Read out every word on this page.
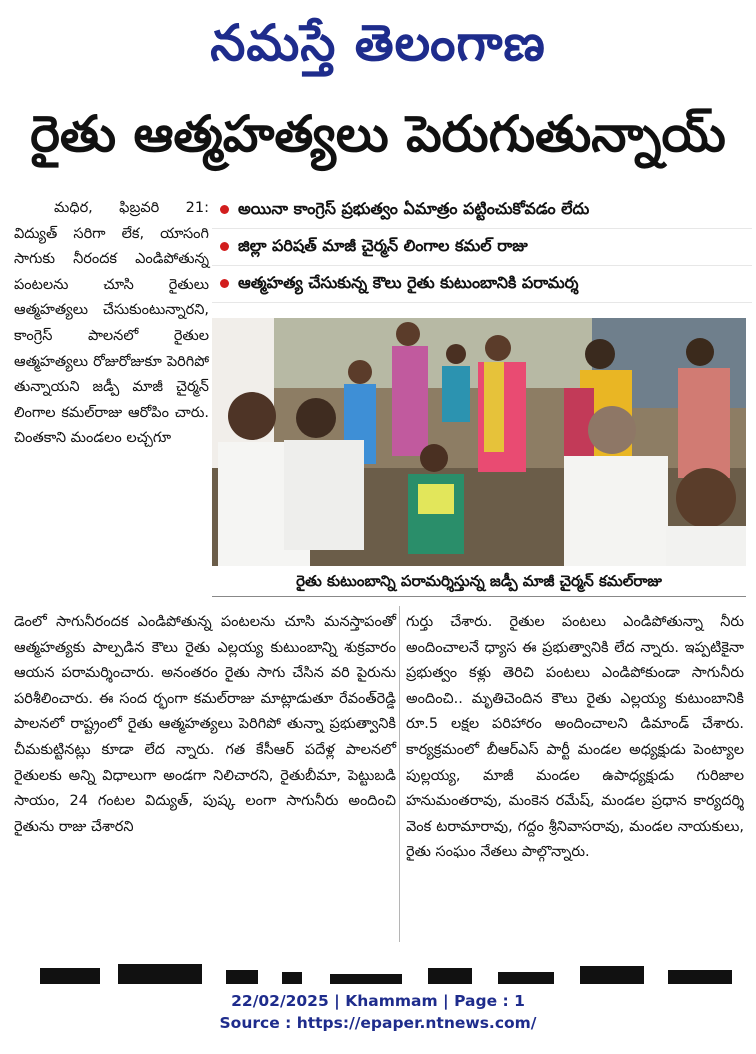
నమస్తే తెలంగాణ
రైతు ఆత్మహత్యలు పెరుగుతున్నాయ్

మధిర, ఫిబ్రవరి 21: విద్యుత్ సరిగా లేక, యాసంగి సాగుకు నీరందక ఎండిపోతున్న పంటలను చూసి రైతులు ఆత్మహత్యలు చేసుకుంటున్నారని, కాంగ్రెస్ పాలనలో రైతుల ఆత్మహత్యలు రోజురోజుకూ పెరిగిపో తున్నాయని జడ్పీ మాజీ చైర్మన్ లింగాల కమల్‌రాజు ఆరోపిం చారు. చింతకాని మండలం లచ్చగూ

అయినా కాంగ్రెస్ ప్రభుత్వం ఏమాత్రం పట్టించుకోవడం లేదు
జిల్లా పరిషత్ మాజీ చైర్మన్ లింగాల కమల్ రాజు
ఆత్మహత్య చేసుకున్న కౌలు రైతు కుటుంబానికి పరామర్శ
రైతు కుటుంబాన్ని పరామర్శిస్తున్న జడ్పీ మాజీ చైర్మన్ కమల్‌రాజు

డెంలో సాగునీరందక ఎండిపోతున్న పంటలను చూసి మనస్తాపంతో ఆత్మహత్యకు పాల్పడిన కౌలు రైతు ఎల్లయ్య కుటుంబాన్ని శుక్రవారం ఆయన పరామర్శించారు. అనంతరం రైతు సాగు చేసిన వరి పైరును పరిశీలించారు. ఈ సంద ర్భంగా కమల్‌రాజు మాట్లాడుతూ రేవంత్‌రెడ్డి పాలనలో రాష్ట్రంలో రైతు ఆత్మహత్యలు పెరిగిపో తున్నా ప్రభుత్వానికి చీమకుట్టినట్లు కూడా లేద న్నారు. గత కేసీఆర్ పదేళ్ల పాలనలో రైతులకు అన్ని విధాలుగా అండగా నిలిచారని, రైతుబీమా, పెట్టుబడి సాయం, 24 గంటల విద్యుత్, పుష్క లంగా సాగునీరు అందించి రైతును రాజు చేశారని

గుర్తు చేశారు. రైతుల పంటలు ఎండిపోతున్నా నీరు అందించాలనే ధ్యాస ఈ ప్రభుత్వానికి లేద న్నారు. ఇప్పటికైనా ప్రభుత్వం కళ్లు తెరిచి పంటలు ఎండిపోకుండా సాగునీరు అందించి.. మృతిచెందిన కౌలు రైతు ఎల్లయ్య కుటుంబానికి రూ.5 లక్షల పరిహారం అందించాలని డిమాండ్ చేశారు. కార్యక్రమంలో బీఆర్‌ఎస్ పార్టీ మండల అధ్యక్షుడు పెంట్యాల పుల్లయ్య, మాజీ మండల ఉపాధ్యక్షుడు గురిజాల హనుమంతరావు, మంకెన రమేష్, మండల ప్రధాన కార్యదర్శి వెంక టరామారావు, గద్దం శ్రీనివాసరావు, మండల నాయకులు, రైతు సంఘం నేతలు పాల్గొన్నారు.

22/02/2025 | Khammam | Page : 1
Source : https://epaper.ntnews.com/
